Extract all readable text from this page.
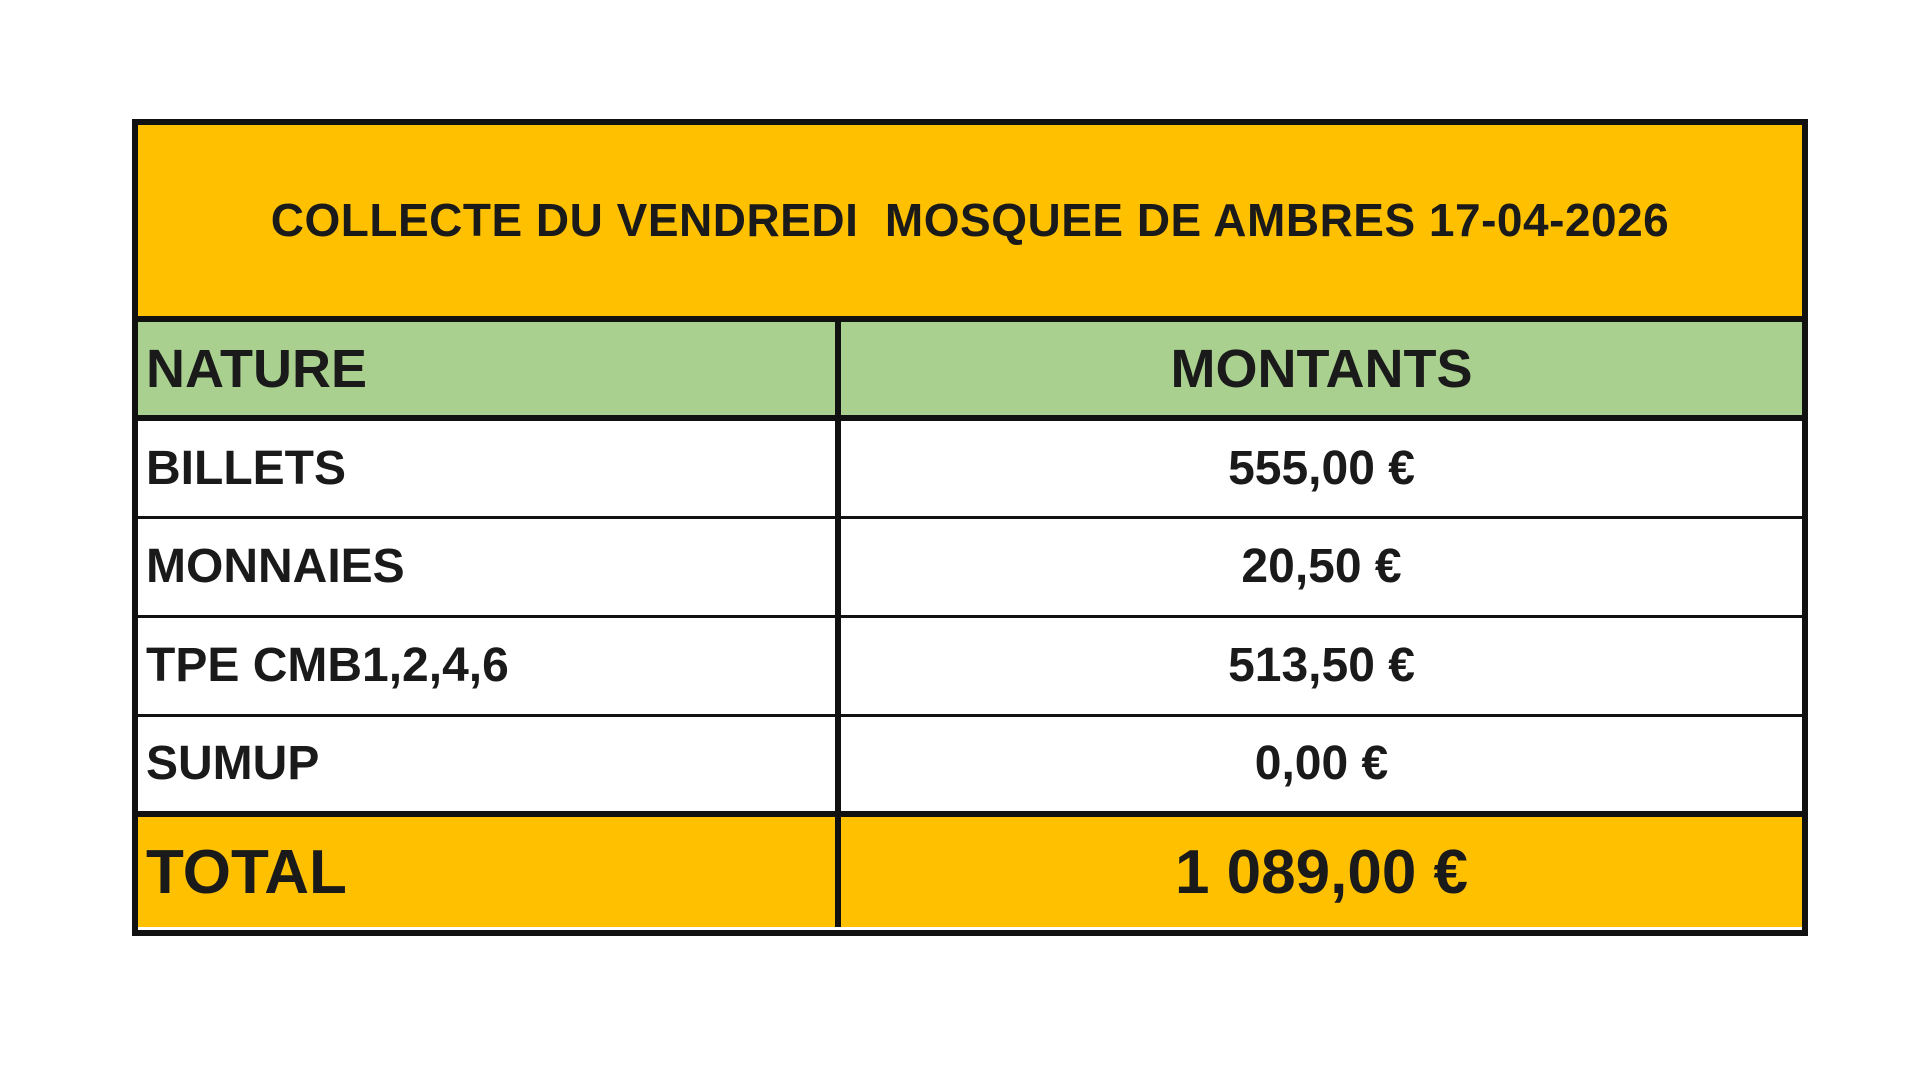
COLLECTE DU VENDREDI  MOSQUEE DE AMBRES 17-04-2026
NATURE	MONTANTS
BILLETS	555,00 €
MONNAIES	20,50 €
TPE CMB1,2,4,6	513,50 €
SUMUP	0,00 €
TOTAL	1 089,00 €
